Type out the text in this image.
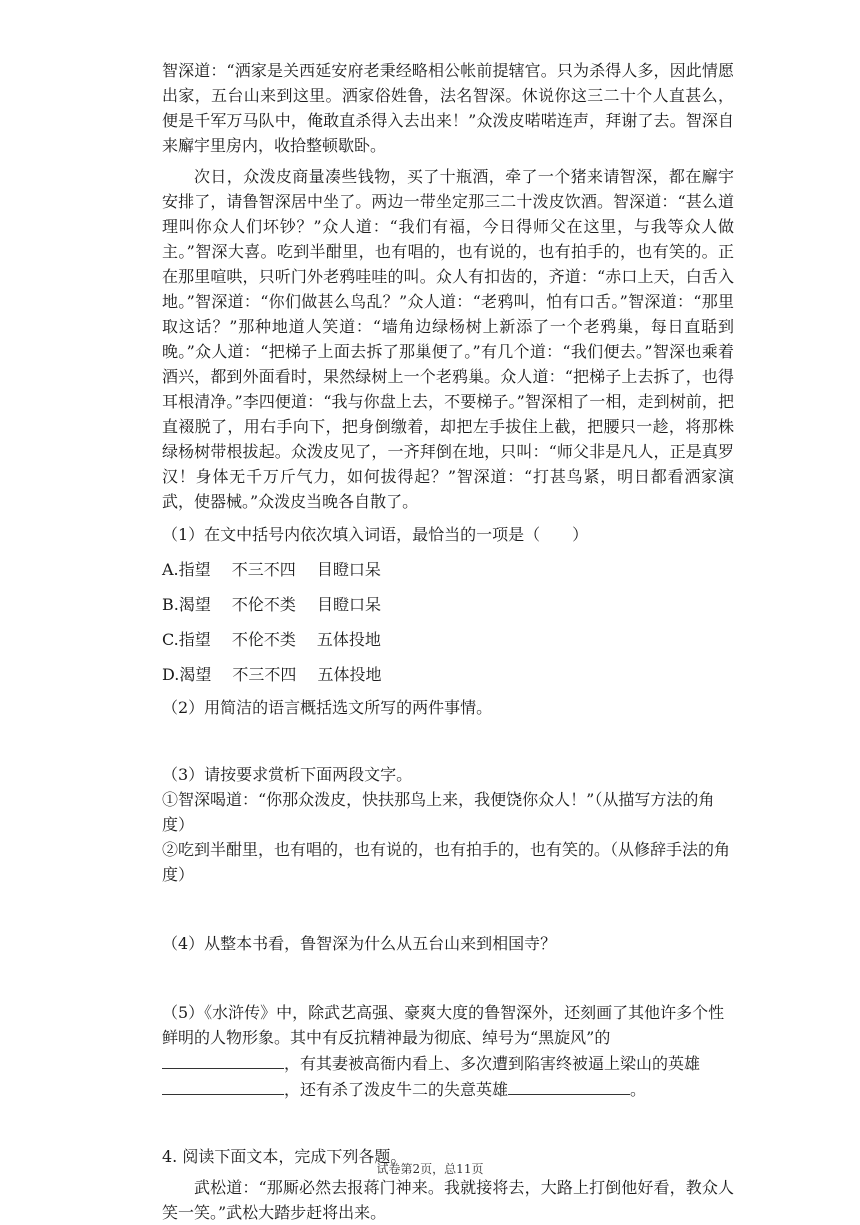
智深道：“洒家是关西延安府老秉经略相公帐前提辖官。只为杀得人多，因此情愿出家，五台山来到这里。洒家俗姓鲁，法名智深。休说你这三二十个人直甚么，便是千军万马队中，俺敢直杀得入去出来！”众泼皮喏喏连声，拜谢了去。智深自来廨宇里房内，收拾整顿歇卧。

次日，众泼皮商量凑些钱物，买了十瓶酒，牵了一个猪来请智深，都在廨宇安排了，请鲁智深居中坐了。两边一带坐定那三二十泼皮饮酒。智深道：“甚么道理叫你众人们坏钞？”众人道：“我们有福，今日得师父在这里，与我等众人做主。”智深大喜。吃到半酣里，也有唱的，也有说的，也有拍手的，也有笑的。正在那里喧哄，只听门外老鸦哇哇的叫。众人有扣齿的，齐道：“赤口上天，白舌入地。”智深道：“你们做甚么鸟乱？”众人道：“老鸦叫，怕有口舌。”智深道：“那里取这话？”那种地道人笑道：“墙角边绿杨树上新添了一个老鸦巢，每日直聒到晚。”众人道：“把梯子上面去拆了那巢便了。”有几个道：“我们便去。”智深也乘着酒兴，都到外面看时，果然绿树上一个老鸦巢。众人道：“把梯子上去拆了，也得耳根清净。”李四便道：“我与你盘上去，不要梯子。”智深相了一相，走到树前，把直裰脱了，用右手向下，把身倒缴着，却把左手拔住上截，把腰只一趁，将那株绿杨树带根拔起。众泼皮见了，一齐拜倒在地，只叫：“师父非是凡人，正是真罗汉！身体无千万斤气力，如何拔得起？”智深道：“打甚鸟紧，明日都看洒家演武，使器械。”众泼皮当晚各自散了。

（1）在文中括号内依次填入词语，最恰当的一项是（　　）

A.指望　 不三不四　 目瞪口呆

B.渴望　 不伦不类　 目瞪口呆

C.指望　 不伦不类　 五体投地

D.渴望　 不三不四　 五体投地

（2）用简洁的语言概括选文所写的两件事情。

（3）请按要求赏析下面两段文字。

①智深喝道：“你那众泼皮，快扶那鸟上来，我便饶你众人！”（从描写方法的角度）

②吃到半酣里，也有唱的，也有说的，也有拍手的，也有笑的。（从修辞手法的角度）

（4）从整本书看，鲁智深为什么从五台山来到相国寺？

（5）《水浒传》中，除武艺高强、豪爽大度的鲁智深外，还刻画了其他许多个性鲜明的人物形象。其中有反抗精神最为彻底、绰号为“黑旋风”的
，有其妻被高衙内看上、多次遭到陷害终被逼上梁山的英雄
，还有杀了泼皮牛二的失意英雄	。

4. 阅读下面文本，完成下列各题。

武松道：“那厮必然去报蒋门神来。我就接将去，大路上打倒他好看，教众人笑一笑。”武松大踏步赶将出来。

试卷第2页，总11页
